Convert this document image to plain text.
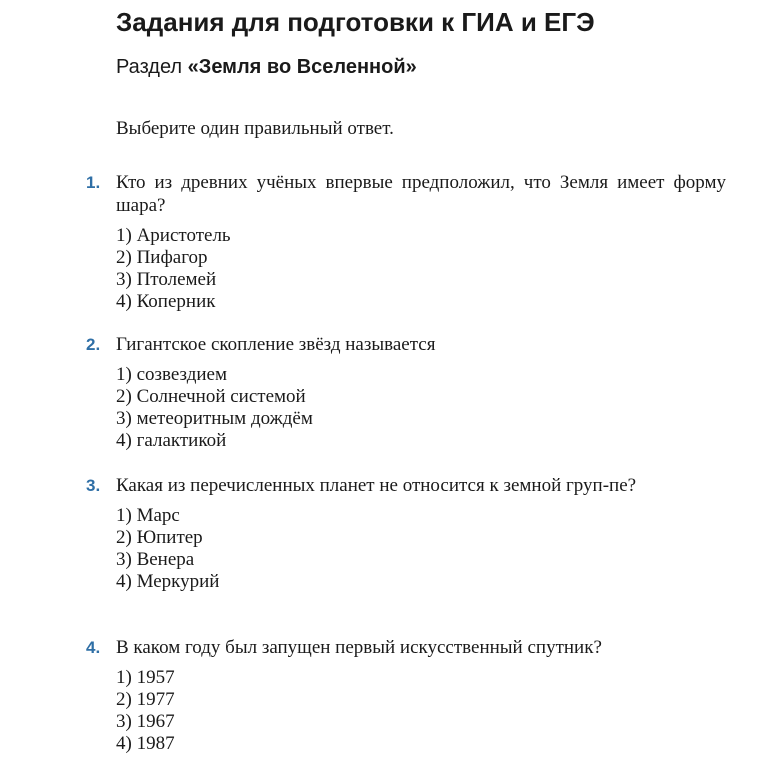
Задания для подготовки к ГИА и ЕГЭ
Раздел «Земля во Вселенной»
Выберите один правильный ответ.
1. Кто из древних учёных впервые предположил, что Земля имеет форму шара?
1) Аристотель
2) Пифагор
3) Птолемей
4) Коперник
2. Гигантское скопление звёзд называется
1) созвездием
2) Солнечной системой
3) метеоритным дождём
4) галактикой
3. Какая из перечисленных планет не относится к земной груп-пе?
1) Марс
2) Юпитер
3) Венера
4) Меркурий
4. В каком году был запущен первый искусственный спутник?
1) 1957
2) 1977
3) 1967
4) 1987
